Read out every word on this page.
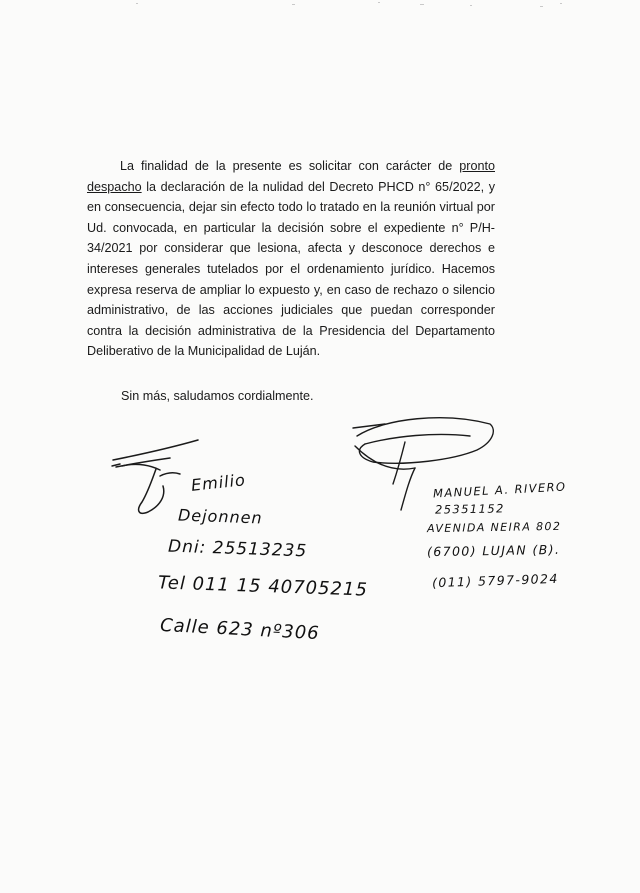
La finalidad de la presente es solicitar con carácter de pronto despacho la declaración de la nulidad del Decreto PHCD n° 65/2022, y en consecuencia, dejar sin efecto todo lo tratado en la reunión virtual por Ud. convocada, en particular la decisión sobre el expediente n° P/H-34/2021 por considerar que lesiona, afecta y desconoce derechos e intereses generales tutelados por el ordenamiento jurídico. Hacemos expresa reserva de ampliar lo expuesto y, en caso de rechazo o silencio administrativo, de las acciones judiciales que puedan corresponder contra la decisión administrativa de la Presidencia del Departamento Deliberativo de la Municipalidad de Luján.

Sin más, saludamos cordialmente.

Emilio
Dejonnen
Dni: 25513235
Tel 011 15 40705215
Calle 623 nº306
MANUEL A. RIVERO
25351152
AVENIDA NEIRA 802
(6700) LUJAN (B).
(011) 5797-9024
